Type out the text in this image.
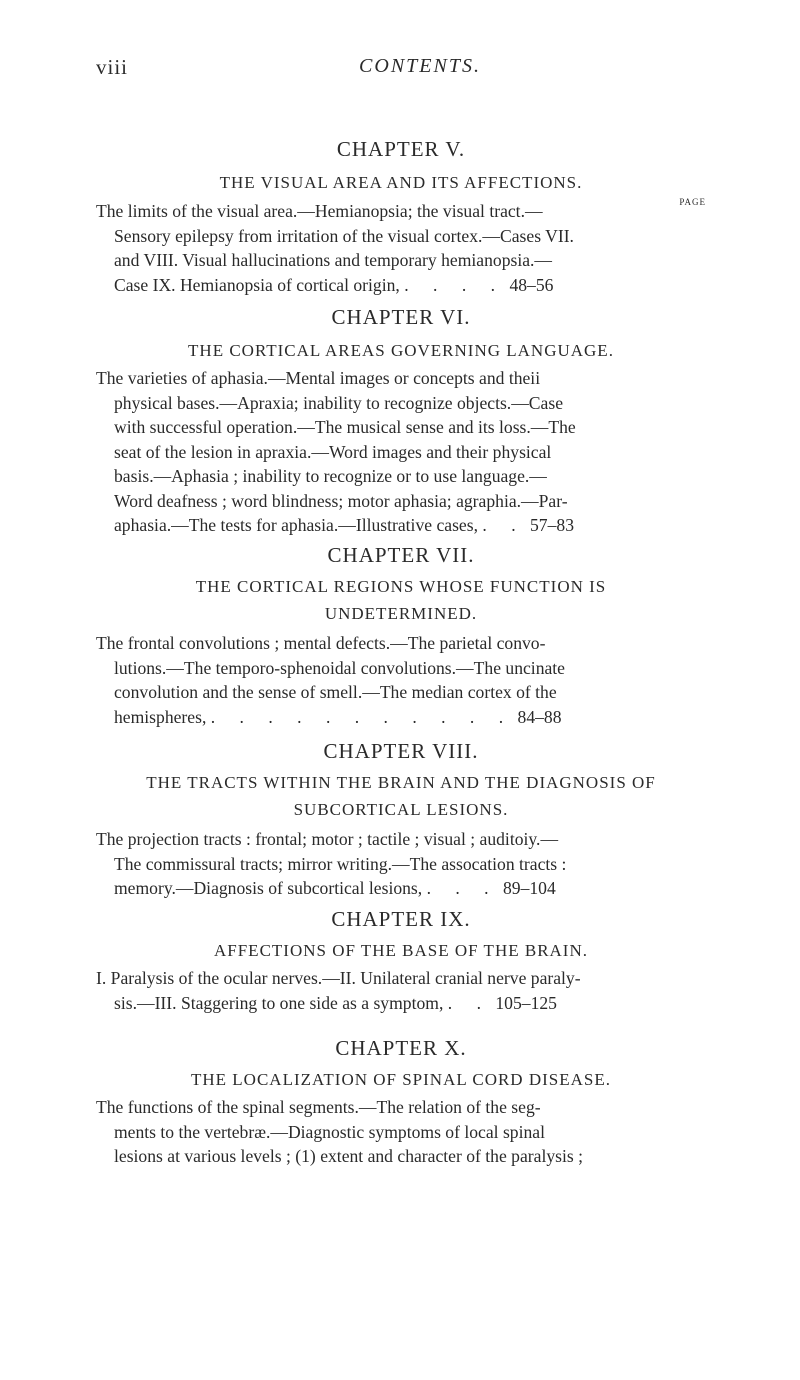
viii	CONTENTS.
CHAPTER V.
THE VISUAL AREA AND ITS AFFECTIONS.
PAGE
The limits of the visual area.—Hemianopsia; the visual tract.—
Sensory epilepsy from irritation of the visual cortex.—Cases VII.
and VIII. Visual hallucinations and temporary hemianopsia.—
Case IX. Hemianopsia of cortical origin, . . . . 48–56
CHAPTER VI.
THE CORTICAL AREAS GOVERNING LANGUAGE.
The varieties of aphasia.—Mental images or concepts and theii
physical bases.—Apraxia; inability to recognize objects.—Case
with successful operation.—The musical sense and its loss.—The
seat of the lesion in apraxia.—Word images and their physical
basis.—Aphasia ; inability to recognize or to use language.—
Word deafness ; word blindness; motor aphasia; agraphia.—Par-
aphasia.—The tests for aphasia.—Illustrative cases, . . 57–83
CHAPTER VII.
THE CORTICAL REGIONS WHOSE FUNCTION IS
UNDETERMINED.
The frontal convolutions ; mental defects.—The parietal convo-
lutions.—The temporo-sphenoidal convolutions.—The uncinate
convolution and the sense of smell.—The median cortex of the
hemispheres, . . . . . . . . . . . 84–88
CHAPTER VIII.
THE TRACTS WITHIN THE BRAIN AND THE DIAGNOSIS OF
SUBCORTICAL LESIONS.
The projection tracts : frontal; motor ; tactile ; visual ; auditoiy.—
The commissural tracts; mirror writing.—The assocation tracts :
memory.—Diagnosis of subcortical lesions, . . . 89–104
CHAPTER IX.
AFFECTIONS OF THE BASE OF THE BRAIN.
I. Paralysis of the ocular nerves.—II. Unilateral cranial nerve paraly-
sis.—III. Staggering to one side as a symptom, . . 105–125
CHAPTER X.
THE LOCALIZATION OF SPINAL CORD DISEASE.
The functions of the spinal segments.—The relation of the seg-
ments to the vertebræ.—Diagnostic symptoms of local spinal
lesions at various levels ; (1) extent and character of the paralysis ;
